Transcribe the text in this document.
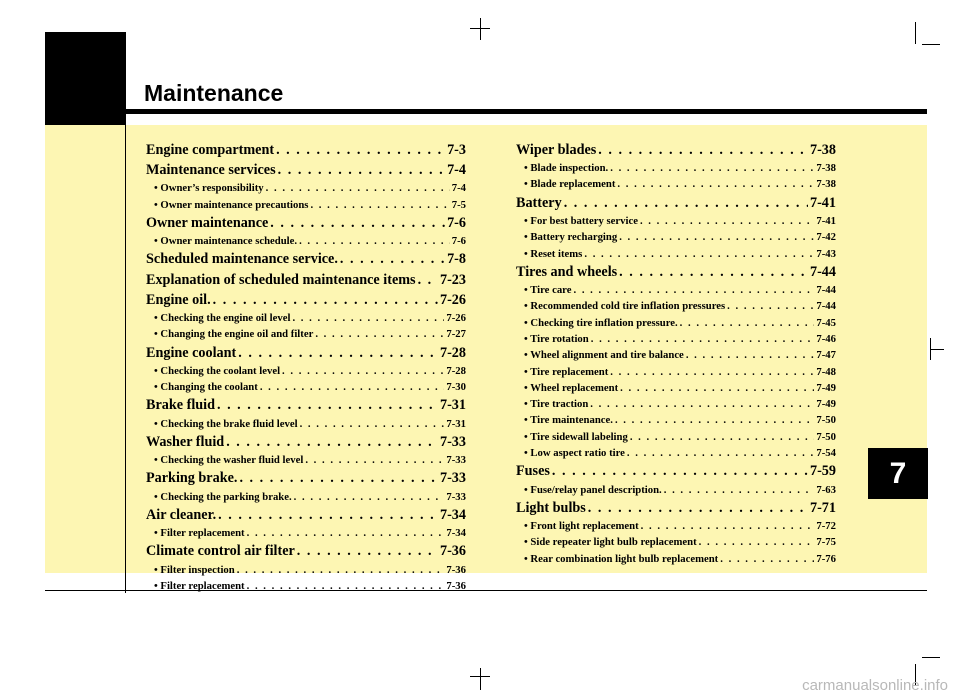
Maintenance
7
Engine compartment . . .	7-3
Maintenance services . . .	7-4
• Owner’s responsibility . . .	7-4
• Owner maintenance precautions . . .	7-5
Owner maintenance . . .	7-6
• Owner maintenance schedule. . . .	7-6
Scheduled maintenance service. . . .	7-8
Explanation of scheduled maintenance items . . . 7-23
Engine oil. . . .	7-26
• Checking the engine oil level . . .	7-26
• Changing the engine oil and filter . . .	7-27
Engine coolant . . .	7-28
• Checking the coolant level . . .	7-28
• Changing the coolant . . .	7-30
Brake fluid . . .	7-31
• Checking the brake fluid level . . .	7-31
Washer fluid . . .	7-33
• Checking the washer fluid level . . .	7-33
Parking brake. . . .	7-33
• Checking the parking brake. . . .	7-33
Air cleaner. . . .	7-34
• Filter replacement . . .	7-34
Climate control air filter . . .	7-36
• Filter inspection . . .	7-36
• Filter replacement . . .	7-36
Wiper blades . . .	7-38
• Blade inspection. . . .	7-38
• Blade replacement . . .	7-38
Battery . . .	7-41
• For best battery service . . .	7-41
• Battery recharging . . .	7-42
• Reset items . . .	7-43
Tires and wheels . . .	7-44
• Tire care . . .	7-44
• Recommended cold tire inflation pressures . . .	7-44
• Checking tire inflation pressure. . . .	7-45
• Tire rotation . . .	7-46
• Wheel alignment and tire balance . . .	7-47
• Tire replacement . . .	7-48
• Wheel replacement . . .	7-49
• Tire traction . . .	7-49
• Tire maintenance. . . .	7-50
• Tire sidewall labeling . . .	7-50
• Low aspect ratio tire . . .	7-54
Fuses . . .	7-59
• Fuse/relay panel description. . . .	7-63
Light bulbs . . .	7-71
• Front light replacement . . .	7-72
• Side repeater light bulb replacement . . .	7-75
• Rear combination light bulb replacement . . .	7-76
carmanualsonline.info
